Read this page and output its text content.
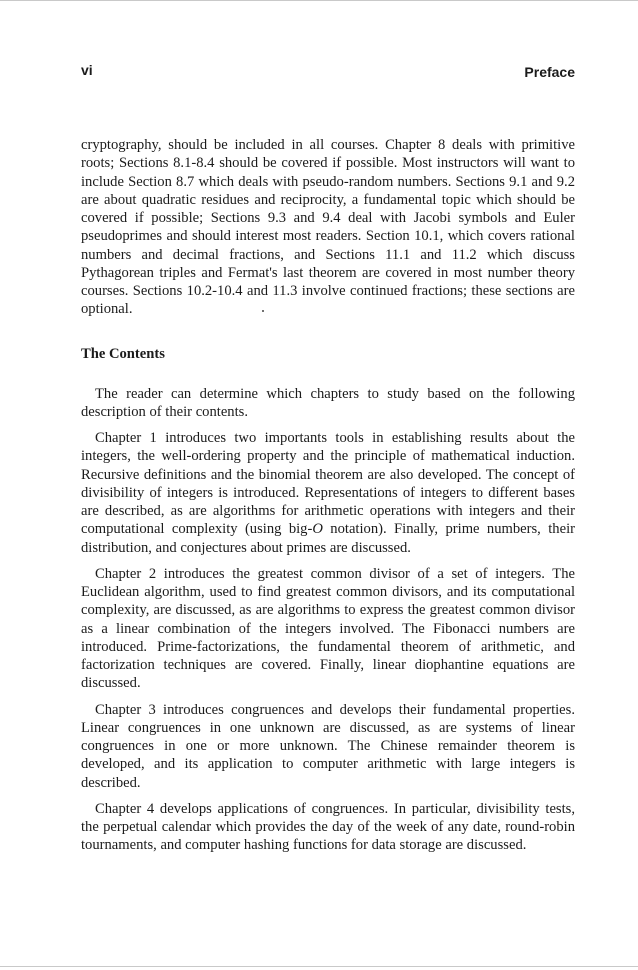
vi	Preface

cryptography, should be included in all courses. Chapter 8 deals with primitive roots; Sections 8.1-8.4 should be covered if possible. Most instructors will want to include Section 8.7 which deals with pseudo-random numbers. Sections 9.1 and 9.2 are about quadratic residues and reciprocity, a fundamental topic which should be covered if possible; Sections 9.3 and 9.4 deal with Jacobi symbols and Euler pseudoprimes and should interest most readers. Section 10.1, which covers rational numbers and decimal fractions, and Sections 11.1 and 11.2 which discuss Pythagorean triples and Fermat's last theorem are covered in most number theory courses. Sections 10.2-10.4 and 11.3 involve continued fractions; these sections are optional.

The Contents

The reader can determine which chapters to study based on the following description of their contents.

Chapter 1 introduces two importants tools in establishing results about the integers, the well-ordering property and the principle of mathematical induction. Recursive definitions and the binomial theorem are also developed. The concept of divisibility of integers is introduced. Representations of integers to different bases are described, as are algorithms for arithmetic operations with integers and their computational complexity (using big-O notation). Finally, prime numbers, their distribution, and conjectures about primes are discussed.

Chapter 2 introduces the greatest common divisor of a set of integers. The Euclidean algorithm, used to find greatest common divisors, and its computational complexity, are discussed, as are algorithms to express the greatest common divisor as a linear combination of the integers involved. The Fibonacci numbers are introduced. Prime-factorizations, the fundamental theorem of arithmetic, and factorization techniques are covered. Finally, linear diophantine equations are discussed.

Chapter 3 introduces congruences and develops their fundamental properties. Linear congruences in one unknown are discussed, as are systems of linear congruences in one or more unknown. The Chinese remainder theorem is developed, and its application to computer arithmetic with large integers is described.

Chapter 4 develops applications of congruences. In particular, divisibility tests, the perpetual calendar which provides the day of the week of any date, round-robin tournaments, and computer hashing functions for data storage are discussed.
